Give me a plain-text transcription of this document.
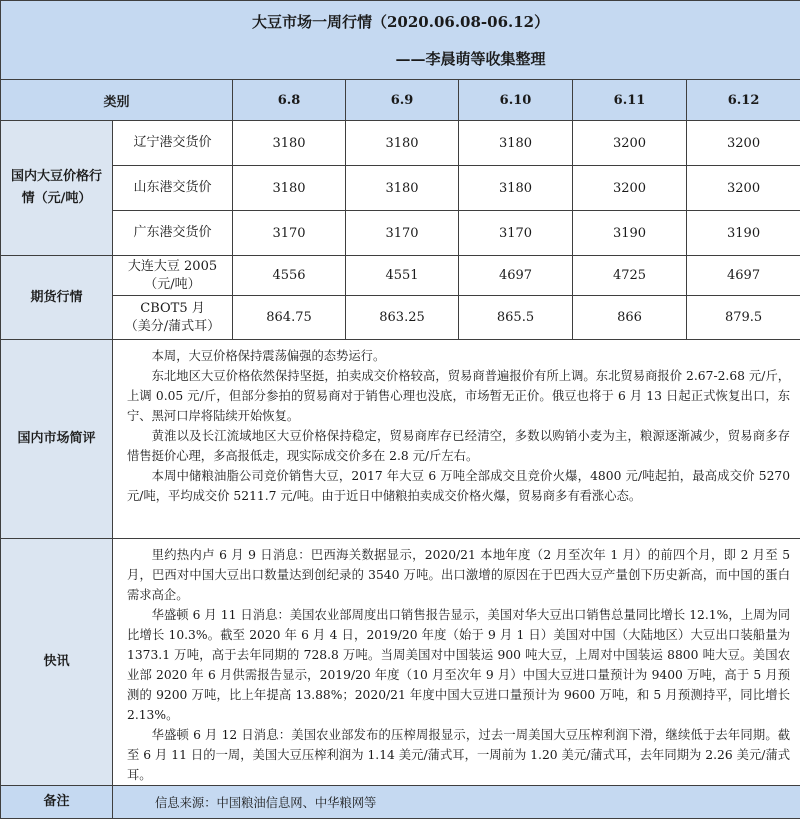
大豆市场一周行情（2020.06.08-06.12）
——李晨萌等收集整理						

类别		6.8	6.9	6.10	6.11	6.12
国内大豆价格行情（元/吨）	辽宁港交货价	3180	3180	3180	3200	3200
	山东港交货价	3180	3180	3180	3200	3200
	广东港交货价	3170	3170	3170	3190	3190
期货行情	大连大豆 2005
（元/吨）	4556	4551	4697	4725	4697
	CBOT5 月
（美分/蒲式耳）	864.75	863.25	865.5	866	879.5
国内市场简评	本周，大豆价格保持震荡偏强的态势运行。

东北地区大豆价格依然保持坚挺，拍卖成交价格较高，贸易商普遍报价有所上调。东北贸易商报价 2.67-2.68 元/斤，上调 0.05 元/斤，但部分参拍的贸易商对于销售心理也没底，市场暂无正价。俄豆也将于 6 月 13 日起正式恢复出口，东宁、黑河口岸将陆续开始恢复。

黄淮以及长江流域地区大豆价格保持稳定，贸易商库存已经清空，多数以购销小麦为主，粮源逐渐减少，贸易商多存惜售挺价心理，多高报低走，现实际成交价多在 2.8 元/斤左右。

本周中储粮油脂公司竞价销售大豆，2017 年大豆 6 万吨全部成交且竞价火爆，4800 元/吨起拍，最高成交价 5270 元/吨，平均成交价 5211.7 元/吨。由于近日中储粮拍卖成交价格火爆，贸易商多有看涨心态。					

快讯	里约热内卢 6 月 9 日消息：巴西海关数据显示，2020/21 本地年度（2 月至次年 1 月）的前四个月，即 2 月至 5 月，巴西对中国大豆出口数量达到创纪录的 3540 万吨。出口激增的原因在于巴西大豆产量创下历史新高，而中国的蛋白需求高企。

华盛顿 6 月 11 日消息：美国农业部周度出口销售报告显示，美国对华大豆出口销售总量同比增长 12.1%，上周为同比增长 10.3%。截至 2020 年 6 月 4 日，2019/20 年度（始于 9 月 1 日）美国对中国（大陆地区）大豆出口装船量为 1373.1 万吨，高于去年同期的 728.8 万吨。当周美国对中国装运 900 吨大豆，上周对中国装运 8800 吨大豆。美国农业部 2020 年 6 月供需报告显示，2019/20 年度（10 月至次年 9 月）中国大豆进口量预计为 9400 万吨，高于 5 月预测的 9200 万吨，比上年提高 13.88%；2020/21 年度中国大豆进口量预计为 9600 万吨，和 5 月预测持平，同比增长 2.13%。

华盛顿 6 月 12 日消息：美国农业部发布的压榨周报显示，过去一周美国大豆压榨利润下滑，继续低于去年同期。截至 6 月 11 日的一周，美国大豆压榨利润为 1.14 美元/蒲式耳，一周前为 1.20 美元/蒲式耳，去年同期为 2.26 美元/蒲式耳。					

备注	信息来源：中国粮油信息网、中华粮网等					
